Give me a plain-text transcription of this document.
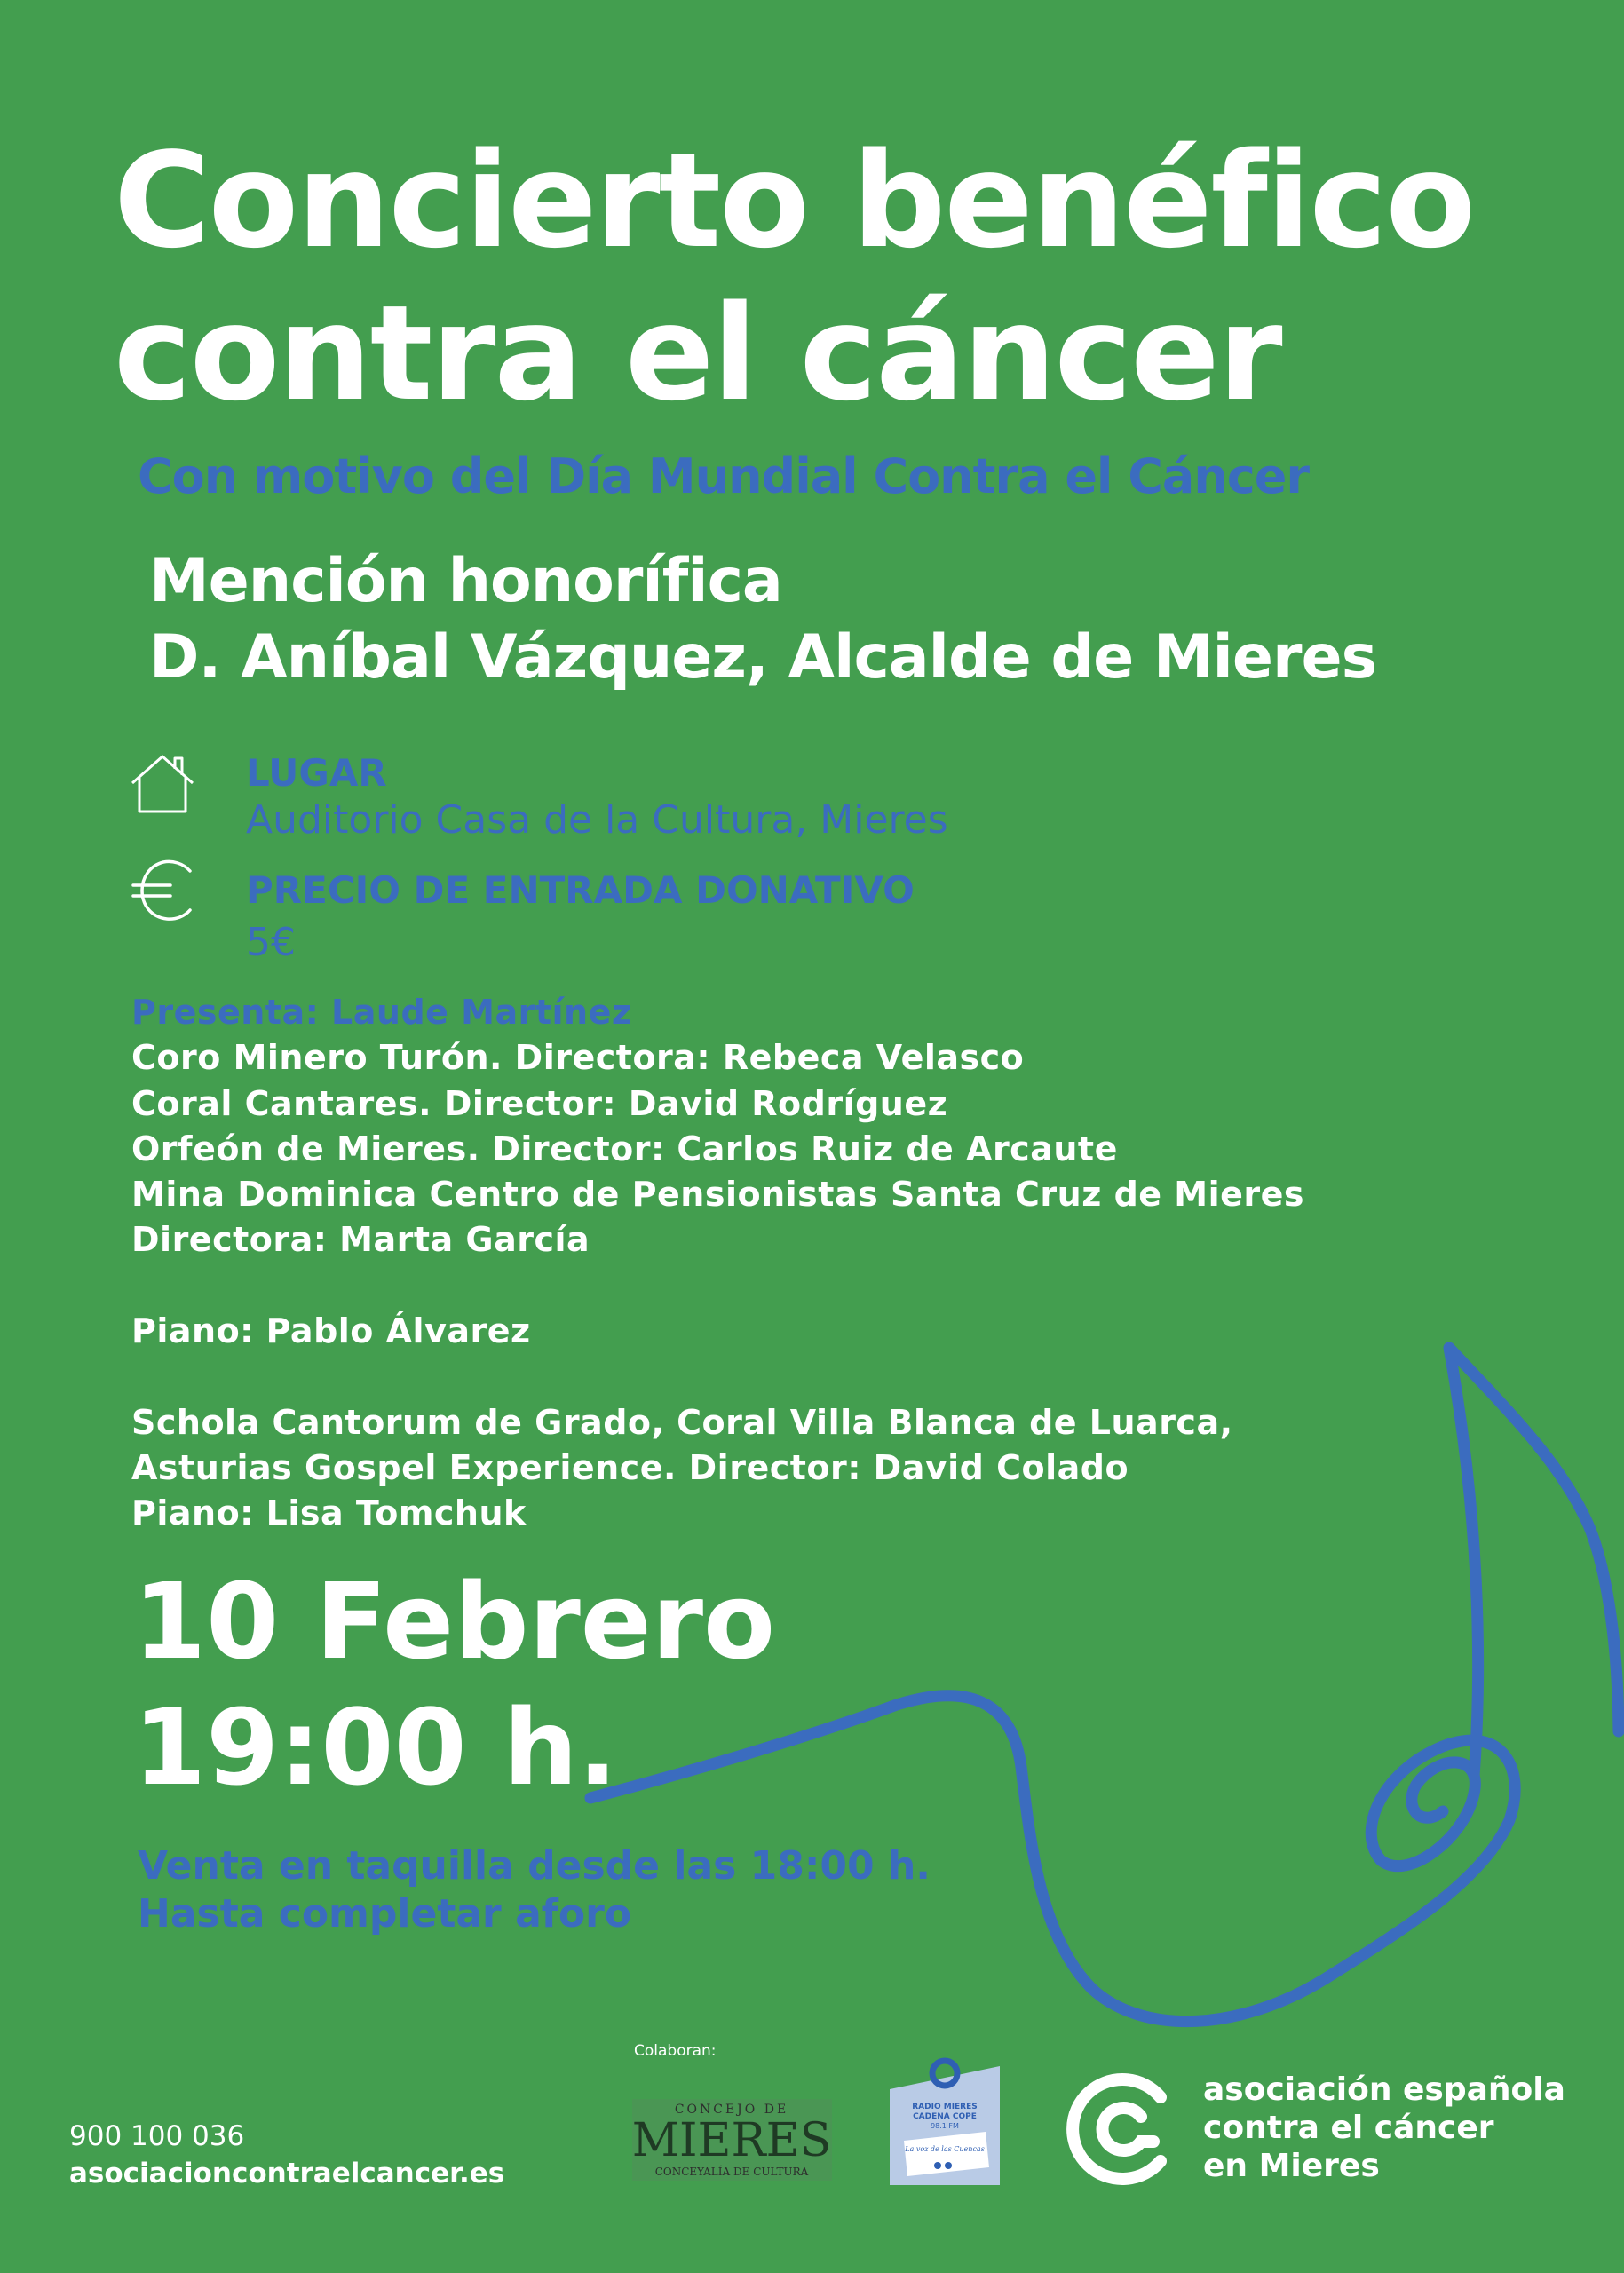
Concierto benéfico
contra el cáncer
Con motivo del Día Mundial Contra el Cáncer
Mención honorífica
D. Aníbal Vázquez, Alcalde de Mieres
LUGAR
Auditorio Casa de la Cultura, Mieres
PRECIO DE ENTRADA DONATIVO
5€
Presenta: Laude Martínez
Coro Minero Turón. Directora: Rebeca Velasco
Coral Cantares. Director: David Rodríguez
Orfeón de Mieres. Director: Carlos Ruiz de Arcaute
Mina Dominica Centro de Pensionistas Santa Cruz de Mieres
Directora: Marta García
Piano: Pablo Álvarez
Schola Cantorum de Grado, Coral Villa Blanca de Luarca,
Asturias Gospel Experience. Director: David Colado
Piano: Lisa Tomchuk
10 Febrero
19:00 h.
Venta en taquilla desde las 18:00 h.
Hasta completar aforo
Colaboran:
CONCEJO DE
MIERES
CONCEYALÍA DE CULTURA
RADIO MIERES
CADENA COPE
98.1 FM
La voz de las Cuencas
asociación española
contra el cáncer
en Mieres
900 100 036
asociacioncontraelcancer.es
